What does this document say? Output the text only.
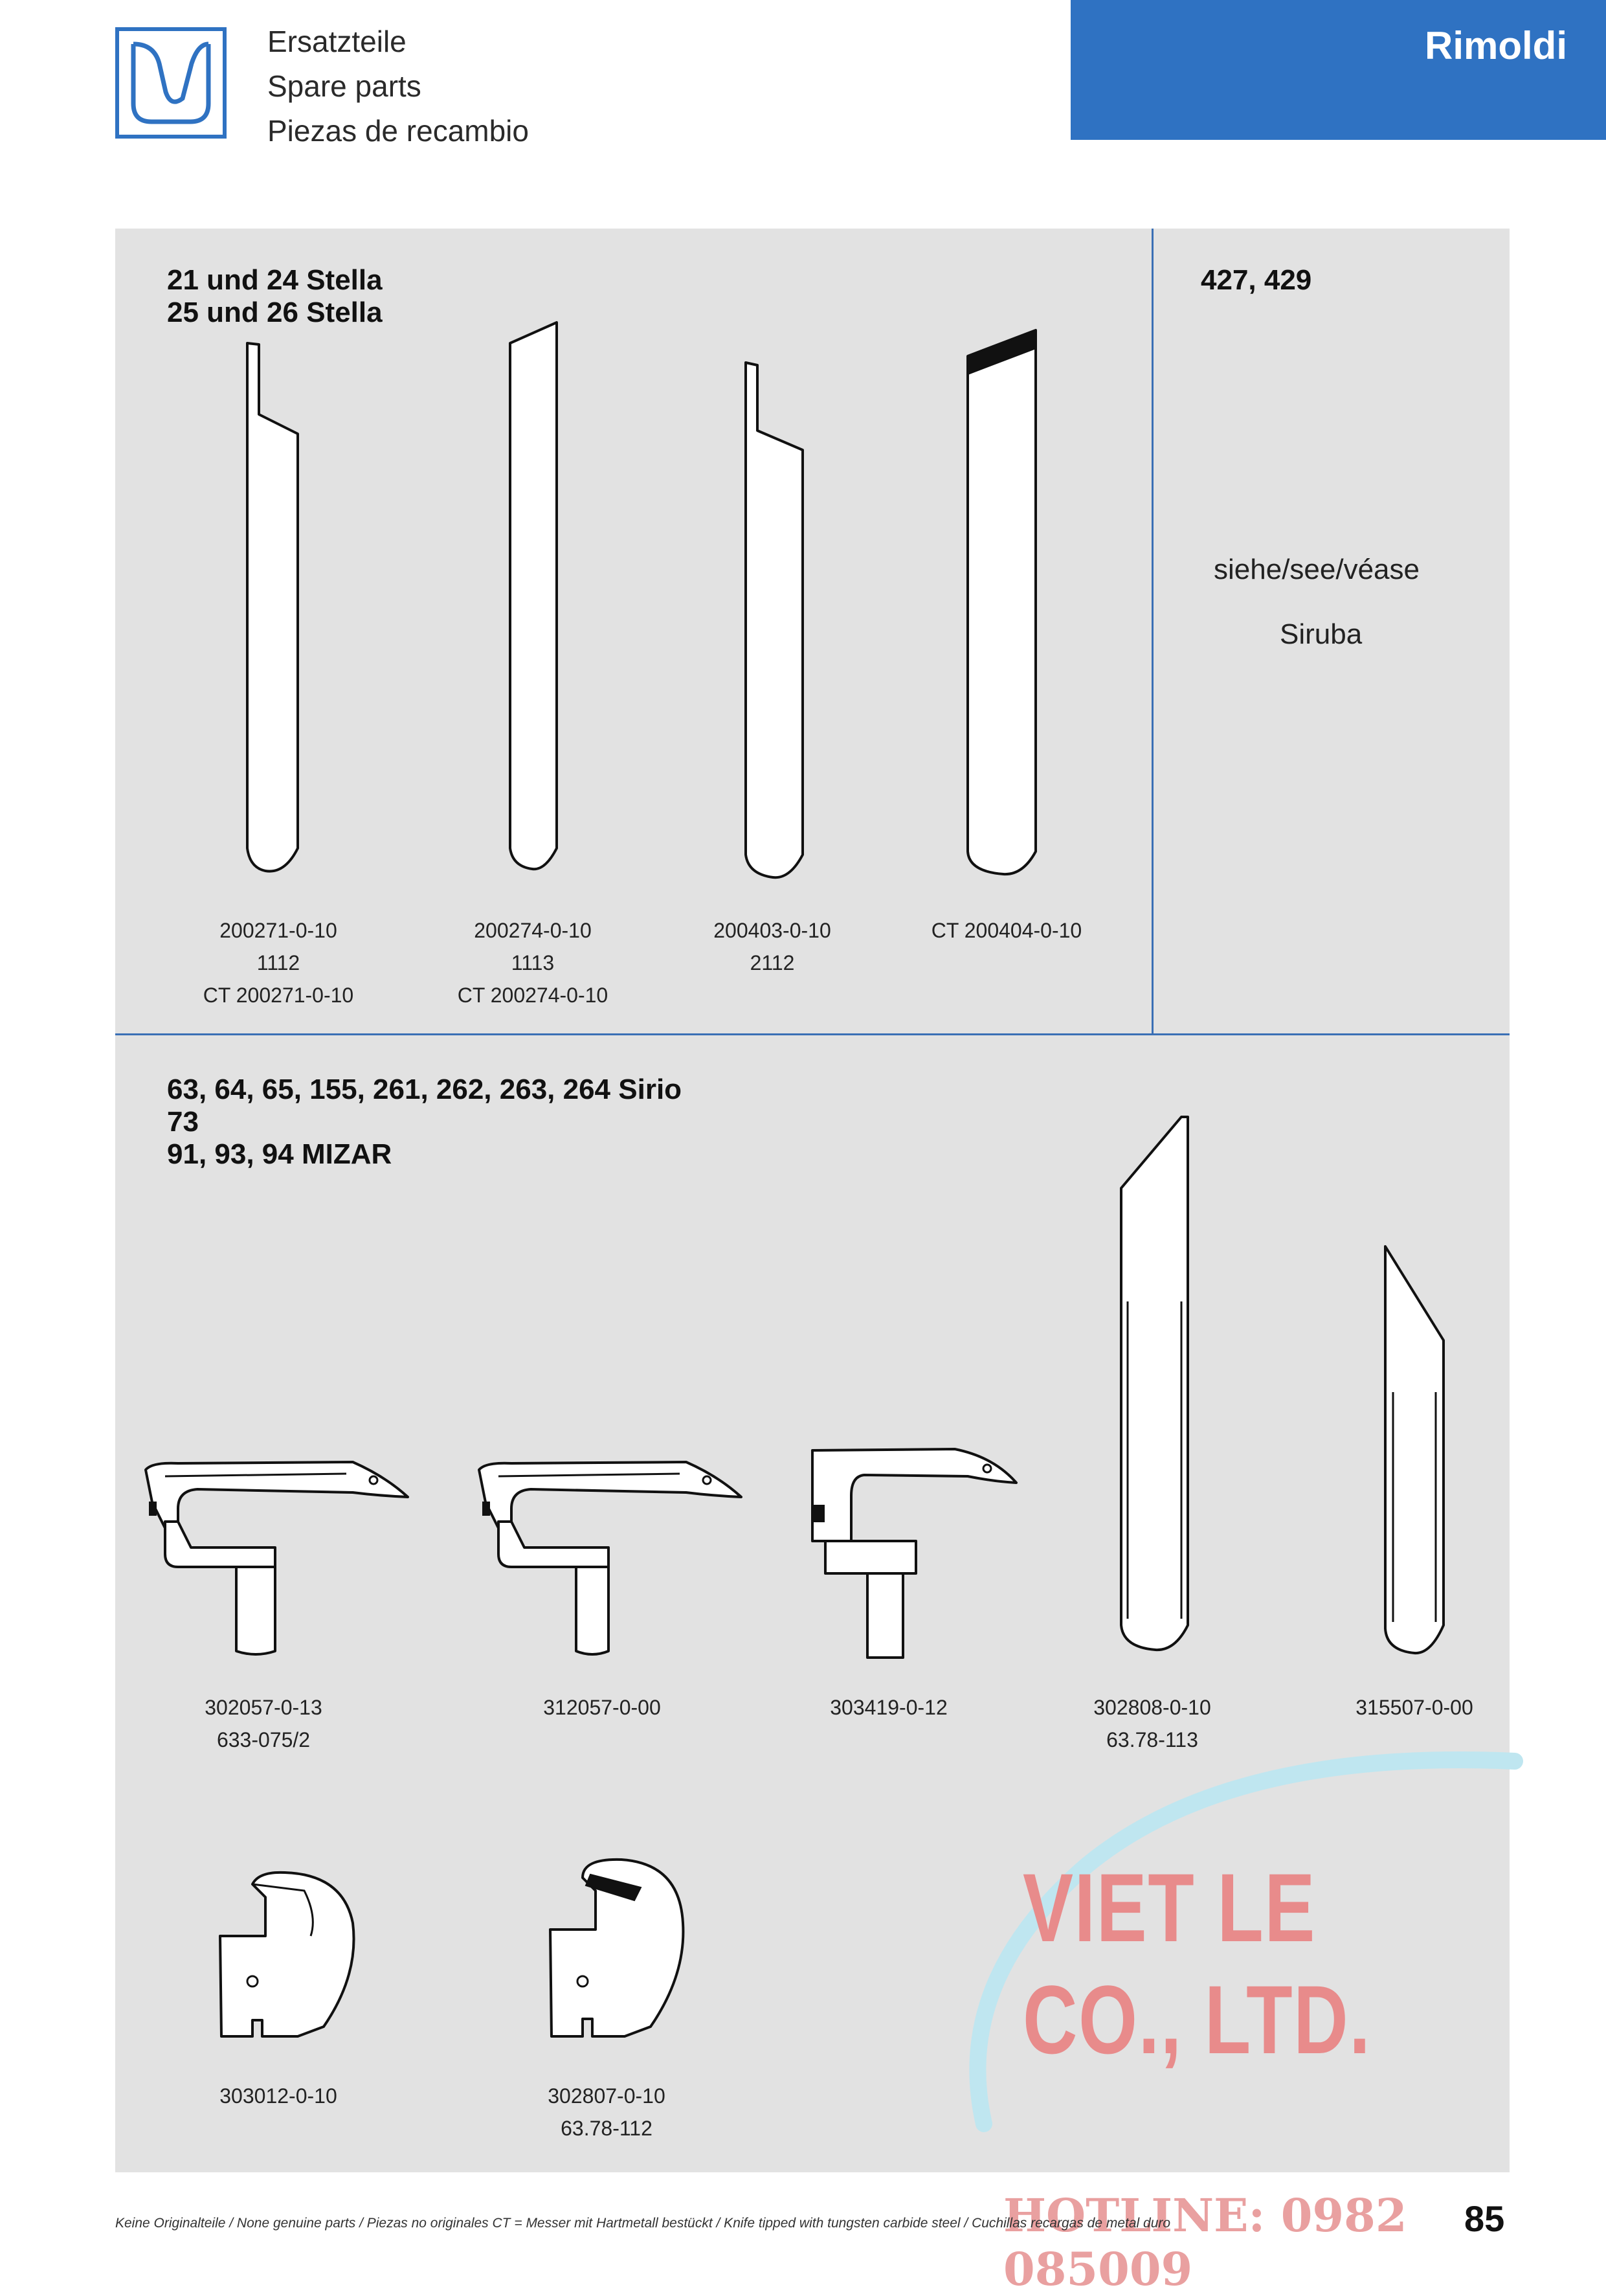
Ersatzteile
Spare parts
Piezas de recambio
Rimoldi
21 und 24 Stella
25 und 26 Stella
200271-0-10
1112
CT 200271-0-10
200274-0-10
1113
CT 200274-0-10
200403-0-10
2112
CT 200404-0-10
427, 429
siehe/see/véase
Siruba
63, 64, 65, 155, 261, 262, 263, 264 Sirio
73
91, 93, 94 MIZAR
302057-0-13
633-075/2
312057-0-00	303419-0-12	302808-0-10
63.78-113
315507-0-00
303012-0-10	302807-0-10
63.78-112
VIET LE CO., LTD.
HOTLINE: 0982 085009
Keine Originalteile / None genuine parts / Piezas no originales CT = Messer mit Hartmetall bestückt / Knife tipped with tungsten carbide steel / Cuchillas recargas de metal duro	85
